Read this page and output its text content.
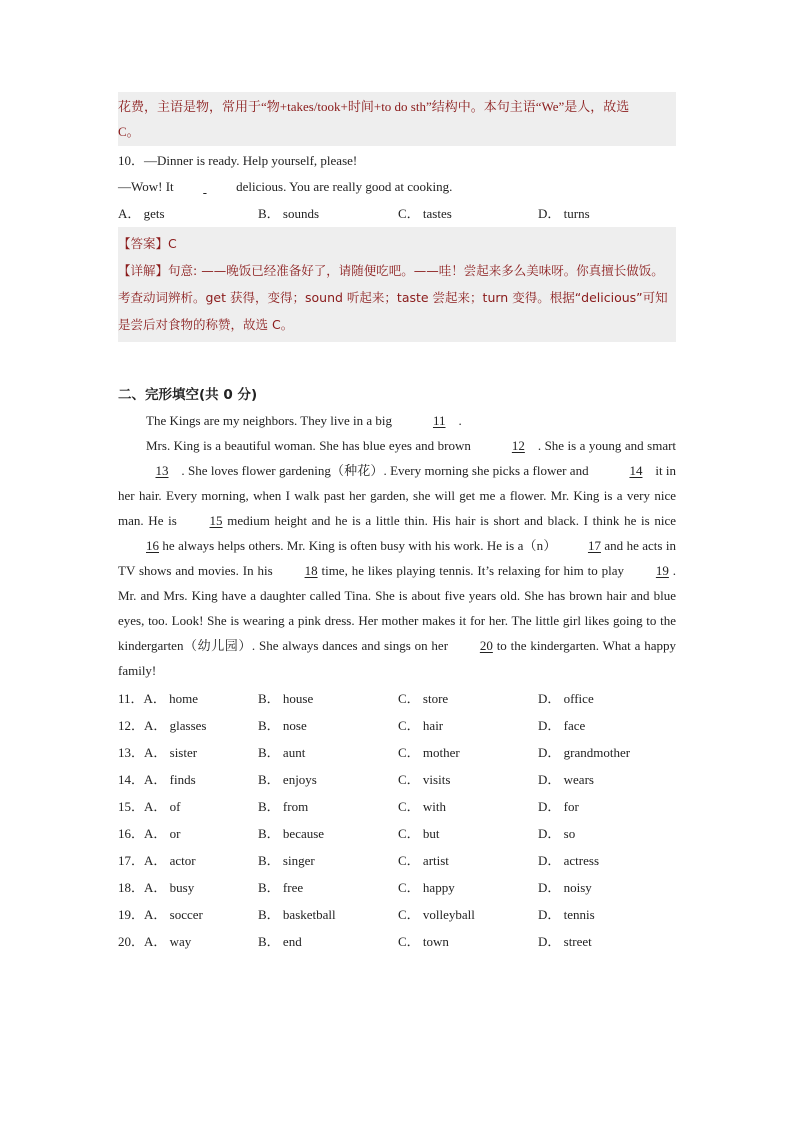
花费，主语是物，常用于“物+takes/took+时间+to do sth”结构中。本句主语“We”是人，故选
C。
10．—Dinner is ready. Help yourself, please!
—Wow! It	delicious. You are really good at cooking.
A． gets	B． sounds	C． tastes	D． turns
【答案】C
【详解】句意: ——晚饭已经准备好了，请随便吃吧。——哇！尝起来多么美味呀。你真擅长做饭。
考查动词辨析。get 获得，变得；sound 听起来；taste 尝起来；turn 变得。根据“delicious”可知是尝后对食物的称赞，故选 C。
二、完形填空(共 0 分)
The Kings are my neighbors. They live in a big	11 .
Mrs. King is a beautiful woman. She has blue eyes and brown	12 . She is a young and smart 13 . She loves flower gardening（种花）. Every morning she picks a flower and	14 it in her hair. Every morning, when I walk past her garden, she will get me a flower. Mr. King is a very nice man. He is	15 medium height and he is a little thin. His hair is short and black. I think he is nice 16 he always helps others. Mr. King is often busy with his work. He is a（n） 17 and he acts in TV shows and movies. In his 18 time, he likes playing tennis. It’s relaxing for him to play 19 . Mr. and Mrs. King have a daughter called Tina. She is about five years old. She has brown hair and blue eyes, too. Look! She is wearing a pink dress. Her mother makes it for her. The little girl likes going to the kindergarten（幼儿园）. She always dances and sings on her 20 to the kindergarten. What a happy family!
11．A． home	B． house	C． store	D． office
12．A． glasses	B． nose	C． hair	D． face
13．A． sister	B． aunt	C． mother	D． grandmother
14．A． finds	B． enjoys	C． visits	D． wears
15．A． of	B． from	C． with	D． for
16．A． or	B． because	C． but	D． so
17．A． actor	B． singer	C． artist	D． actress
18．A． busy	B． free	C． happy	D． noisy
19．A． soccer	B． basketball	C． volleyball	D． tennis
20．A． way	B． end	C． town	D． street
